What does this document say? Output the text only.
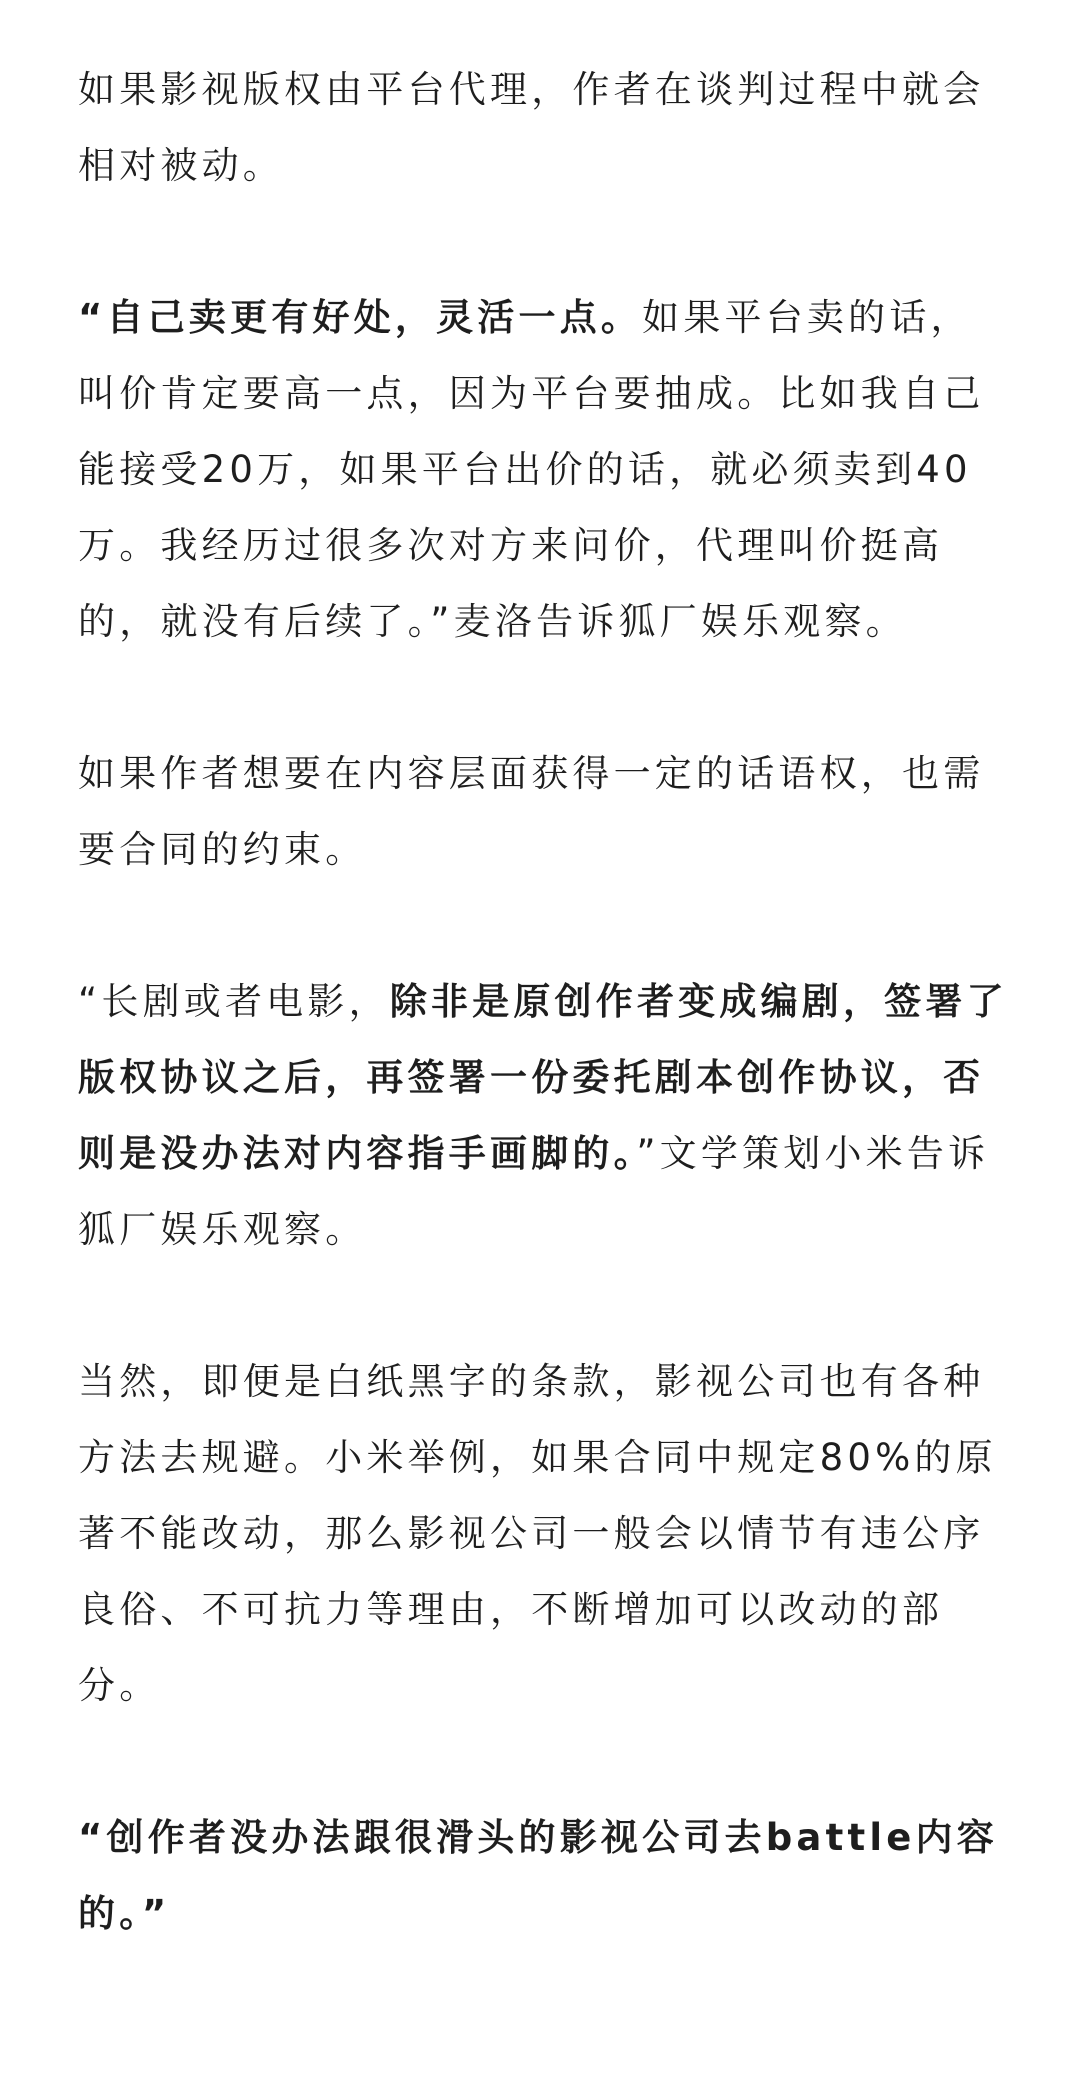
如果影视版权由平台代理，作者在谈判过程中就会相对被动。

“自己卖更有好处，灵活一点。如果平台卖的话，叫价肯定要高一点，因为平台要抽成。比如我自己能接受20万，如果平台出价的话，就必须卖到40万。我经历过很多次对方来问价，代理叫价挺高的，就没有后续了。”麦洛告诉狐厂娱乐观察。

如果作者想要在内容层面获得一定的话语权，也需要合同的约束。

“长剧或者电影，除非是原创作者变成编剧，签署了版权协议之后，再签署一份委托剧本创作协议，否则是没办法对内容指手画脚的。”文学策划小米告诉狐厂娱乐观察。

当然，即便是白纸黑字的条款，影视公司也有各种方法去规避。小米举例，如果合同中规定80%的原著不能改动，那么影视公司一般会以情节有违公序良俗、不可抗力等理由，不断增加可以改动的部分。

“创作者没办法跟很滑头的影视公司去battle内容的。”
